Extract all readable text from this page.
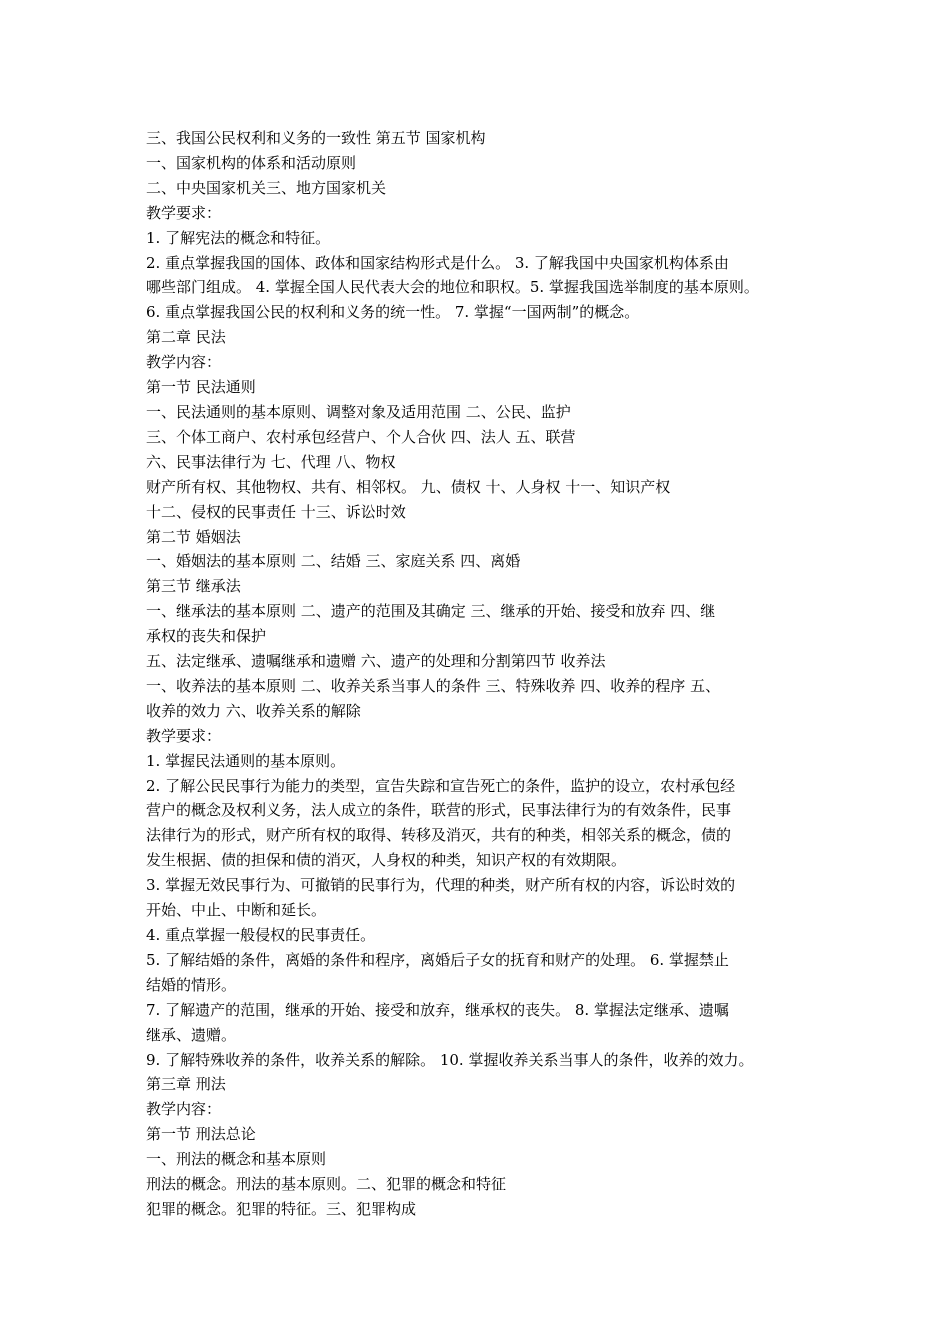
三、我国公民权利和义务的一致性 第五节 国家机构
一、国家机构的体系和活动原则
二、中央国家机关三、地方国家机关
教学要求：
1. 了解宪法的概念和特征。
2. 重点掌握我国的国体、政体和国家结构形式是什么。 3. 了解我国中央国家机构体系由
哪些部门组成。 4. 掌握全国人民代表大会的地位和职权。5. 掌握我国选举制度的基本原则。
6. 重点掌握我国公民的权利和义务的统一性。 7. 掌握“一国两制”的概念。
第二章 民法
教学内容：
第一节 民法通则
一、民法通则的基本原则、调整对象及适用范围 二、公民、监护
三、个体工商户、农村承包经营户、个人合伙 四、法人 五、联营
六、民事法律行为 七、代理 八、物权
财产所有权、其他物权、共有、相邻权。 九、债权 十、人身权 十一、知识产权
十二、侵权的民事责任 十三、诉讼时效
第二节 婚姻法
一、婚姻法的基本原则 二、结婚 三、家庭关系 四、离婚
第三节 继承法
一、继承法的基本原则 二、遗产的范围及其确定 三、继承的开始、接受和放弃 四、继
承权的丧失和保护
五、法定继承、遗嘱继承和遗赠 六、遗产的处理和分割第四节 收养法
一、收养法的基本原则 二、收养关系当事人的条件 三、特殊收养 四、收养的程序 五、
收养的效力 六、收养关系的解除
教学要求：
1. 掌握民法通则的基本原则。
2. 了解公民民事行为能力的类型，宣告失踪和宣告死亡的条件，监护的设立，农村承包经
营户的概念及权利义务，法人成立的条件，联营的形式，民事法律行为的有效条件，民事
法律行为的形式，财产所有权的取得、转移及消灭，共有的种类，相邻关系的概念，债的
发生根据、债的担保和债的消灭，人身权的种类，知识产权的有效期限。
3. 掌握无效民事行为、可撤销的民事行为，代理的种类，财产所有权的内容，诉讼时效的
开始、中止、中断和延长。
4. 重点掌握一般侵权的民事责任。
5. 了解结婚的条件，离婚的条件和程序，离婚后子女的抚育和财产的处理。 6. 掌握禁止
结婚的情形。
7. 了解遗产的范围，继承的开始、接受和放弃，继承权的丧失。 8. 掌握法定继承、遗嘱
继承、遗赠。
9. 了解特殊收养的条件，收养关系的解除。 10. 掌握收养关系当事人的条件，收养的效力。
第三章 刑法
教学内容：
第一节 刑法总论
一、刑法的概念和基本原则
刑法的概念。刑法的基本原则。二、犯罪的概念和特征
犯罪的概念。犯罪的特征。三、犯罪构成
